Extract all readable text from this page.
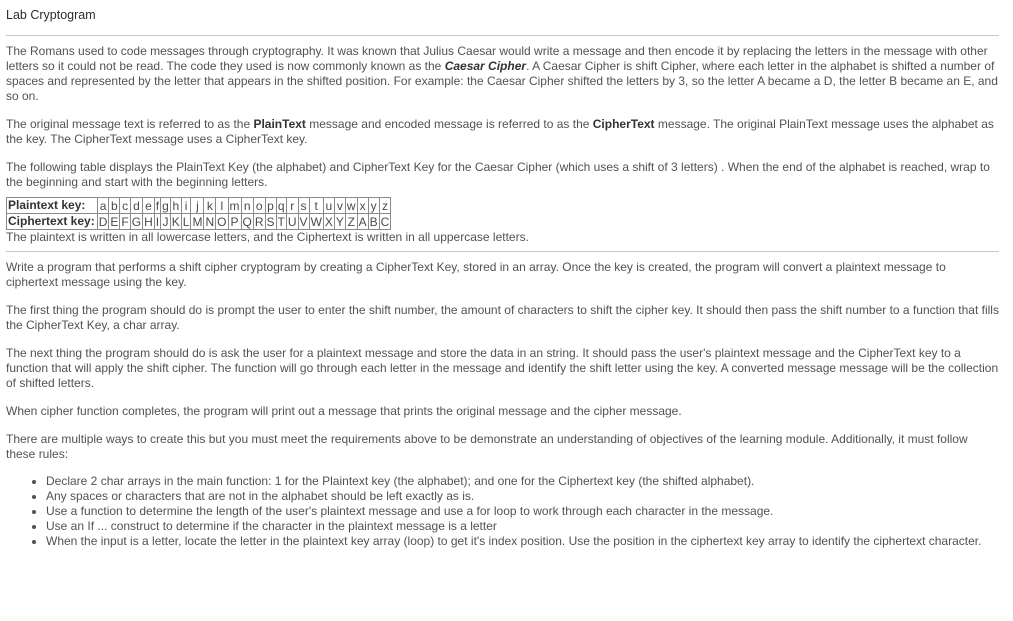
Lab Cryptogram

The Romans used to code messages through cryptography. It was known that Julius Caesar would write a message and then encode it by replacing the letters in the message with other letters so it could not be read. The code they used is now commonly known as the Caesar Cipher. A Caesar Cipher is shift Cipher, where each letter in the alphabet is shifted a number of spaces and represented by the letter that appears in the shifted position. For example: the Caesar Cipher shifted the letters by 3, so the letter A became a D, the letter B became an E, and so on.

The original message text is referred to as the PlainText message and encoded message is referred to as the CipherText message. The original PlainText message uses the alphabet as the key. The CipherText message uses a CipherText key.

The following table displays the PlainText Key (the alphabet) and CipherText Key for the Caesar Cipher (which uses a shift of 3 letters) . When the end of the alphabet is reached, wrap to the beginning and start with the beginning letters.

Plaintext key:	a	b	c	d	e	f	g	h	i	j	k	l	m	n	o	p	q	r	s	t	u	v	w	x	y	z
Ciphertext key:	D	E	F	G	H	I	J	K	L	M	N	O	P	Q	R	S	T	U	V	W	X	Y	Z	A	B	C

The plaintext is written in all lowercase letters, and the Ciphertext is written in all uppercase letters.

Write a program that performs a shift cipher cryptogram by creating a CipherText Key, stored in an array. Once the key is created, the program will convert a plaintext message to ciphertext message using the key.

The first thing the program should do is prompt the user to enter the shift number, the amount of characters to shift the cipher key. It should then pass the shift number to a function that fills the CipherText Key, a char array.

The next thing the program should do is ask the user for a plaintext message and store the data in an string. It should pass the user's plaintext message and the CipherText key to a function that will apply the shift cipher. The function will go through each letter in the message and identify the shift letter using the key. A converted message message will be the collection of shifted letters.

When cipher function completes, the program will print out a message that prints the original message and the cipher message.

There are multiple ways to create this but you must meet the requirements above to be demonstrate an understanding of objectives of the learning module. Additionally, it must follow these rules:

• Declare 2 char arrays in the main function: 1 for the Plaintext key (the alphabet); and one for the Ciphertext key (the shifted alphabet).
• Any spaces or characters that are not in the alphabet should be left exactly as is.
• Use a function to determine the length of the user's plaintext message and use a for loop to work through each character in the message.
• Use an If ... construct to determine if the character in the plaintext message is a letter
• When the input is a letter, locate the letter in the plaintext key array (loop) to get it's index position. Use the position in the ciphertext key array to identify the ciphertext character.
